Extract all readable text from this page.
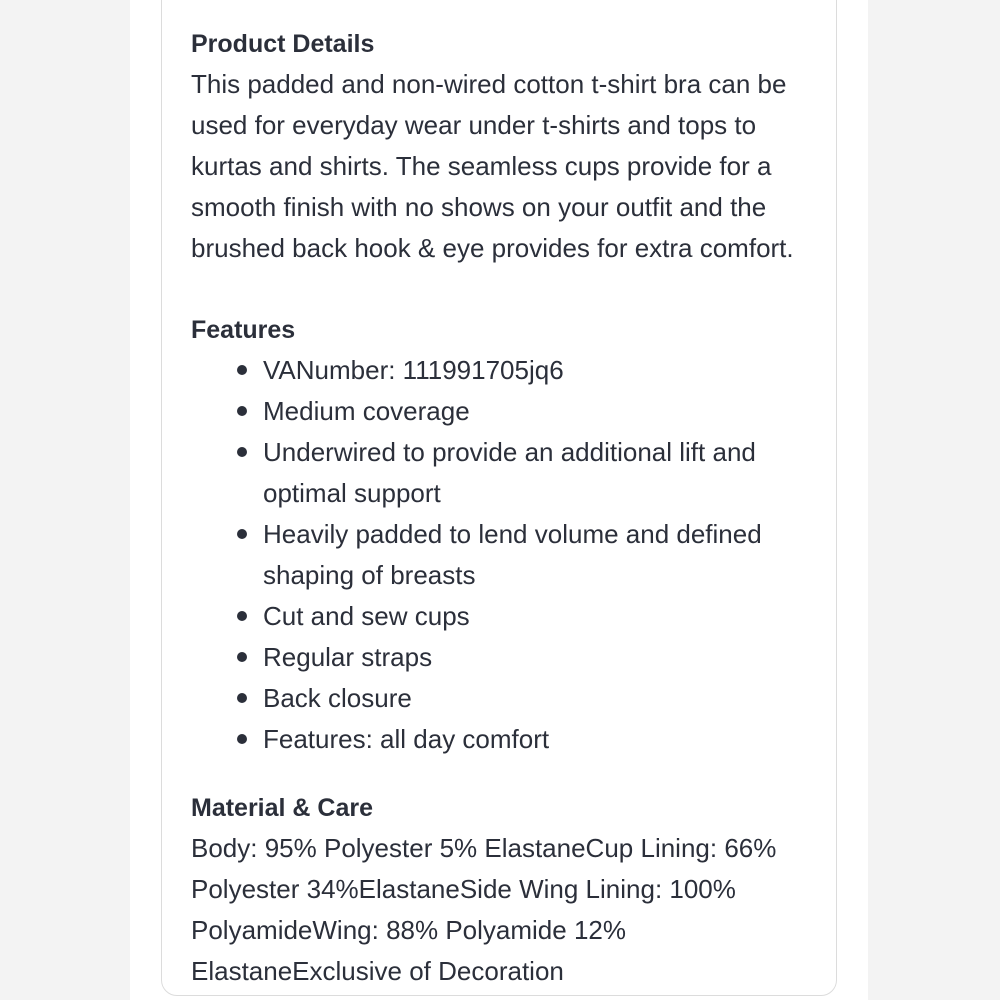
Product Details

This padded and non-wired cotton t-shirt bra can be used for everyday wear under t-shirts and tops to kurtas and shirts. The seamless cups provide for a smooth finish with no shows on your outfit and the brushed back hook & eye provides for extra comfort.

Features
VANumber: 111991705jq6
Medium coverage
Underwired to provide an additional lift and optimal support
Heavily padded to lend volume and defined shaping of breasts
Cut and sew cups
Regular straps
Back closure
Features: all day comfort
Material & Care

Body: 95% Polyester 5% ElastaneCup Lining: 66% Polyester 34%ElastaneSide Wing Lining: 100% PolyamideWing: 88% Polyamide 12% ElastaneExclusive of Decoration
